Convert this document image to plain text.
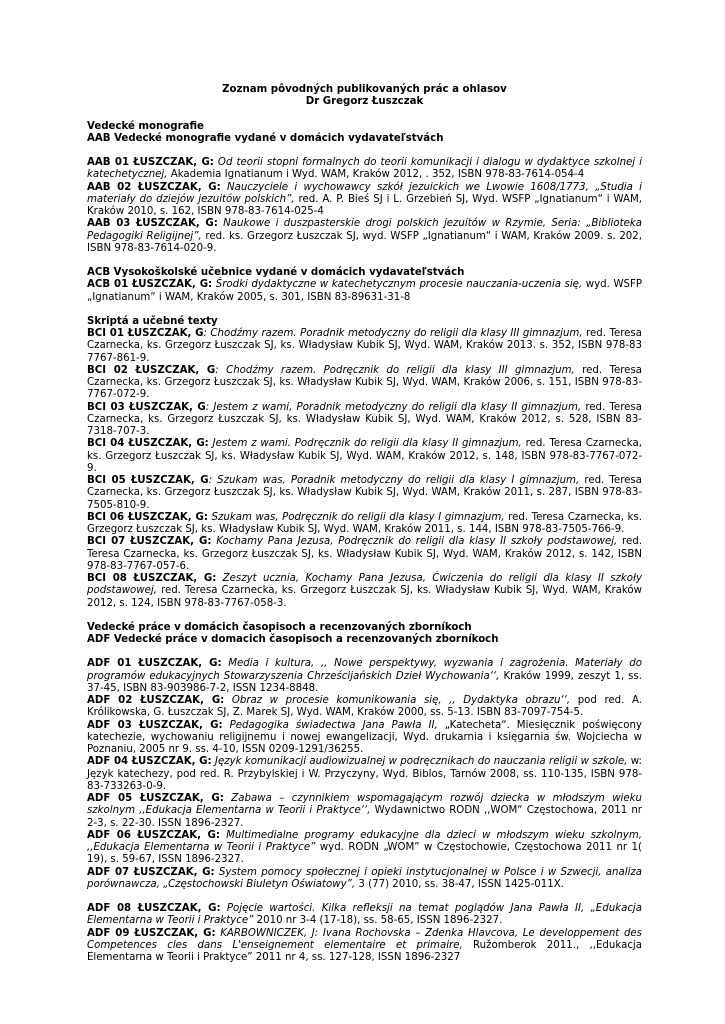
Zoznam pôvodných publikovaných prác a ohlasov
Dr Gregorz Łuszczak
Vedecké monografie
AAB Vedecké monografie vydané v domácich vydavateľstvách

AAB 01 ŁUSZCZAK, G: Od teorii stopni formalnych do teorii komunikacji i dialogu w dydaktyce szkolnej i katechetycznej, Akademia Ignatianum i Wyd. WAM, Kraków 2012, . 352, ISBN 978-83-7614-054-4

AAB 02 ŁUSZCZAK, G: Nauczyciele i wychowawcy szkół jezuickich we Lwowie 1608/1773, „Studia i materiały do dziejów jezuitów polskich”, red. A. P. Bieś SJ i L. Grzebień SJ, Wyd. WSFP „Ignatianum“ i WAM, Kraków 2010, s. 162, ISBN 978-83-7614-025-4

AAB 03 ŁUSZCZAK, G: Naukowe i duszpasterskie drogi polskich jezuitów w Rzymie, Seria: „Biblioteka Pedagogiki Religijnej”, red. ks. Grzegorz Łuszczak SJ, wyd. WSFP „Ignatianum“ i WAM, Kraków 2009. s. 202, ISBN 978-83-7614-020-9.

ACB Vysokoškolské učebnice vydané v domácich vydavateľstvách

ACB 01 ŁUSZCZAK, G: Środki dydaktyczne w katechetycznym procesie nauczania-uczenia się, wyd. WSFP „Ignatianum“ i WAM, Kraków 2005, s. 301, ISBN 83-89631-31-8

Skriptá a učebné texty

BCI 01 ŁUSZCZAK, G: Chodźmy razem. Poradnik metodyczny do religii dla klasy III gimnazjum, red. Teresa Czarnecka, ks. Grzegorz Łuszczak SJ, ks. Władysław Kubik SJ, Wyd. WAM, Kraków 2013. s. 352, ISBN 978-83 7767-861-9.

BCI 02 ŁUSZCZAK, G: Chodźmy razem. Podręcznik do religii dla klasy III gimnazjum, red. Teresa Czarnecka, ks. Grzegorz Łuszczak SJ, ks. Władysław Kubik SJ, Wyd. WAM, Kraków 2006, s. 151, ISBN 978-83-7767-072-9.

BCI 03 ŁUSZCZAK, G: Jestem z wami, Poradnik metodyczny do religii dla klasy II gimnazjum, red. Teresa Czarnecka, ks. Grzegorz Łuszczak SJ, ks. Władysław Kubik SJ, Wyd. WAM, Kraków 2012, s. 528, ISBN 83-7318-707-3.

BCI 04 ŁUSZCZAK, G: Jestem z wami. Podręcznik do religii dla klasy II gimnazjum, red. Teresa Czarnecka, ks. Grzegorz Łuszczak SJ, ks. Władysław Kubik SJ, Wyd. WAM, Kraków 2012, s. 148, ISBN 978-83-7767-072-9.

BCI 05 ŁUSZCZAK, G: Szukam was, Poradnik metodyczny do religii dla klasy I gimnazjum, red. Teresa Czarnecka, ks. Grzegorz Łuszczak SJ, ks. Władysław Kubik SJ, Wyd. WAM, Kraków 2011, s. 287, ISBN 978-83-7505-810-9.

BCI 06 ŁUSZCZAK, G: Szukam was, Podręcznik do religii dla klasy I gimnazjum, red. Teresa Czarnecka, ks. Grzegorz Łuszczak SJ, ks. Władysław Kubik SJ, Wyd. WAM, Kraków 2011, s. 144, ISBN 978-83-7505-766-9.

BCI 07 ŁUSZCZAK, G: Kochamy Pana Jezusa, Podręcznik do religii dla klasy II szkoły podstawowej, red. Teresa Czarnecka, ks. Grzegorz Łuszczak SJ, ks. Władysław Kubik SJ, Wyd. WAM, Kraków 2012, s. 142, ISBN 978-83-7767-057-6.

BCI 08 ŁUSZCZAK, G: Zeszyt ucznia, Kochamy Pana Jezusa, Ćwiczenia do religii dla klasy II szkoły podstawowej, red. Teresa Czarnecka, ks. Grzegorz Łuszczak SJ, ks. Władysław Kubik SJ, Wyd. WAM, Kraków 2012, s. 124, ISBN 978-83-7767-058-3.

Vedecké práce v domácich časopisoch a recenzovaných zborníkoch
ADF Vedecké práce v domacich časopisoch a recenzovaných zborníkoch

ADF 01 ŁUSZCZAK, G: Media i kultura, ,, Nowe perspektywy, wyzwania i zagrożenia. Materiały do programów edukacyjnych Stowarzyszenia Chrześcijańskich Dzieł Wychowania‘‘, Kraków 1999, zeszyt 1, ss. 37-45, ISBN 83-903986-7-2, ISSN 1234-8848.

ADF 02 ŁUSZCZAK, G: Obraz w procesie komunikowania się, ,, Dydaktyka obrazu‘‘, pod red. A. Królikowska, G. Łuszczak SJ, Z. Marek SJ, Wyd. WAM, Kraków 2000, ss. 5-13. ISBN 83-7097-754-5.

ADF 03 ŁUSZCZAK, G: Pedagogika świadectwa Jana Pawła II, „Katecheta“. Miesięcznik poświęcony katechezie, wychowaniu religijnemu i nowej ewangelizacji, Wyd. drukarnia i księgarnia św. Wojciecha w Poznaniu, 2005 nr 9. ss. 4-10, ISSN 0209-1291/36255.

ADF 04 ŁUSZCZAK, G: Język komunikacji audiowizualnej w podręcznikach do nauczania religii w szkole, w: Język katechezy, pod red. R. Przybylskiej i W. Przyczyny, Wyd. Biblos, Tarnów 2008, ss. 110-135, ISBN 978-83-733263-0-9.

ADF 05 ŁUSZCZAK, G: Zabawa – czynnikiem wspomagającym rozwój dziecka w młodszym wieku szkolnym ,,Edukacja Elementarna w Teorii i Praktyce‘‘, Wydawnictwo RODN ,,WOM“ Częstochowa, 2011 nr 2-3, s. 22-30. ISSN 1896-2327.

ADF 06 ŁUSZCZAK, G: Multimedialne programy edukacyjne dla dzieci w młodszym wieku szkolnym, ,,Edukacja Elementarna w Teorii i Praktyce” wyd. RODN „WOM” w Częstochowie, Częstochowa 2011 nr 1( 19), s. 59-67, ISSN 1896-2327.

ADF 07 ŁUSZCZAK, G: System pomocy społecznej i opieki instytucjonalnej w Polsce i w Szwecji, analiza porównawcza, „Częstochowski Biuletyn Oświatowy”, 3 (77) 2010, ss. 38-47, ISSN 1425-011X.

ADF 08 ŁUSZCZAK, G: Pojęcie wartości. Kilka refleksji na temat poglądów Jana Pawła II, „Edukacja Elementarna w Teorii i Praktyce” 2010 nr 3-4 (17-18), ss. 58-65, ISSN 1896-2327.

ADF 09 ŁUSZCZAK, G: KARBOWNICZEK, J: Ivana Rochovska – Zdenka Hlavcova, Le developpement des Competences cles dans L'enseignement elementaire et primaire, Ružomberok 2011., ,,Edukacja Elementarna w Teorii i Praktyce” 2011 nr 4, ss. 127-128, ISSN 1896-2327
